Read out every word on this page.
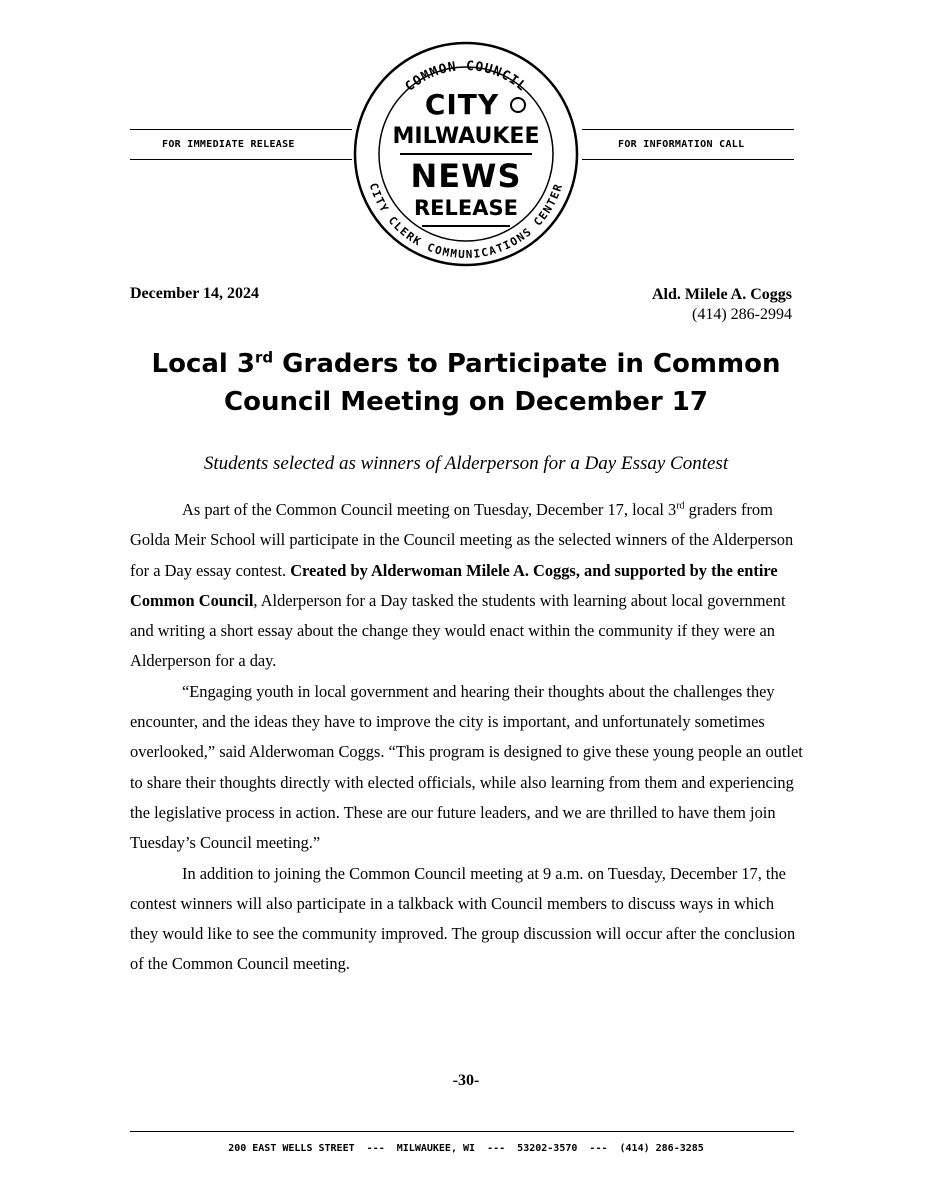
FOR IMMEDIATE RELEASE	FOR INFORMATION CALL
COMMON COUNCIL
CITY CLERK COMMUNICATIONS CENTER
CITY
MILWAUKEE
NEWS
RELEASE
December 14, 2024	Ald. Milele A. Coggs
(414) 286-2994
Local 3rd Graders to Participate in Common
Council Meeting on December 17
Students selected as winners of Alderperson for a Day Essay Contest

As part of the Common Council meeting on Tuesday, December 17, local 3rd graders from Golda Meir School will participate in the Council meeting as the selected winners of the Alderperson for a Day essay contest. Created by Alderwoman Milele A. Coggs, and supported by the entire Common Council, Alderperson for a Day tasked the students with learning about local government and writing a short essay about the change they would enact within the community if they were an Alderperson for a day.

“Engaging youth in local government and hearing their thoughts about the challenges they encounter, and the ideas they have to improve the city is important, and unfortunately sometimes overlooked,” said Alderwoman Coggs. “This program is designed to give these young people an outlet to share their thoughts directly with elected officials, while also learning from them and experiencing the legislative process in action. These are our future leaders, and we are thrilled to have them join Tuesday’s Council meeting.”

In addition to joining the Common Council meeting at 9 a.m. on Tuesday, December 17, the contest winners will also participate in a talkback with Council members to discuss ways in which they would like to see the community improved. The group discussion will occur after the conclusion of the Common Council meeting.

-30-
200 EAST WELLS STREET  ---  MILWAUKEE, WI  ---  53202-3570  ---  (414) 286-3285
